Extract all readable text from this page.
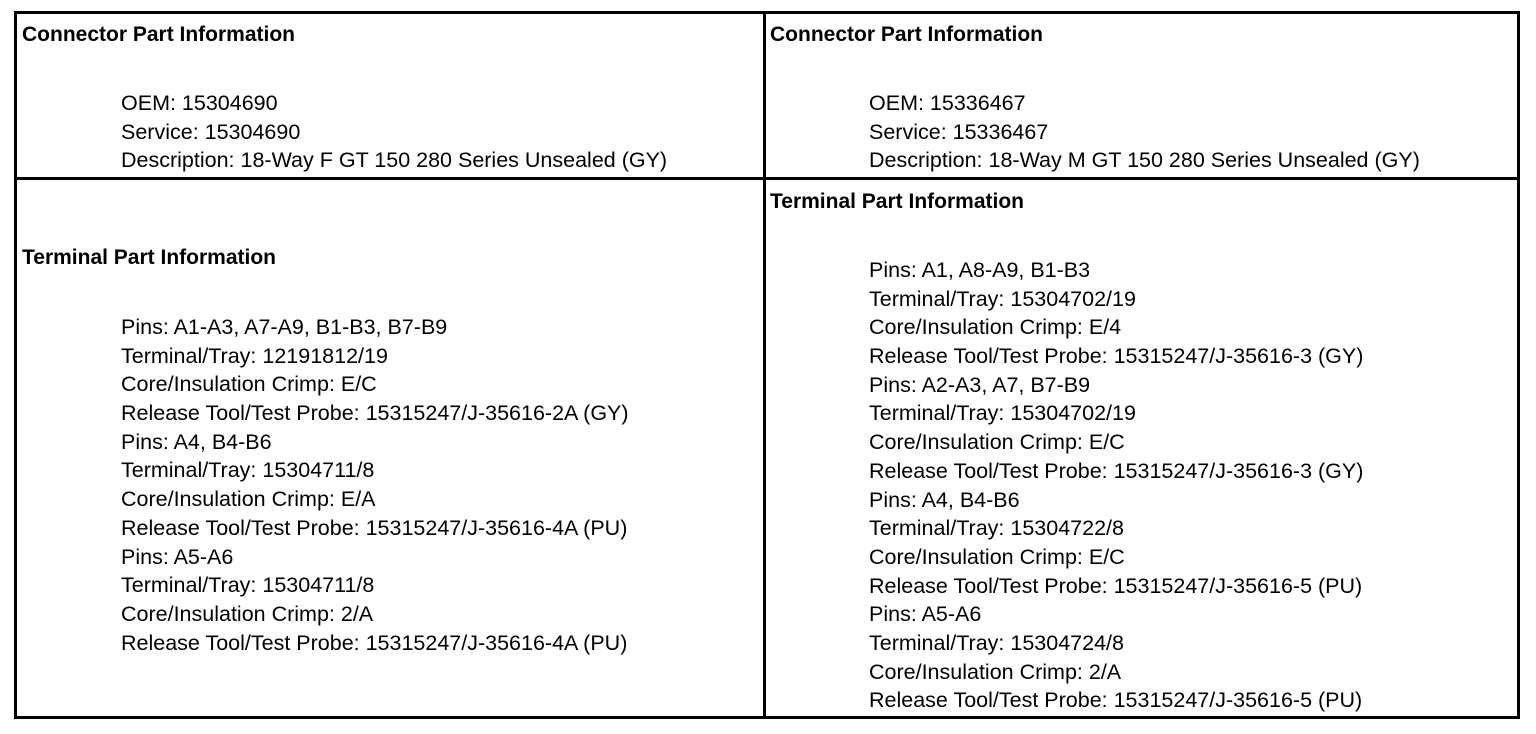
Connector Part Information
OEM: 15304690
Service: 15304690
Description: 18-Way F GT 150 280 Series Unsealed (GY)
Connector Part Information
OEM: 15336467
Service: 15336467
Description: 18-Way M GT 150 280 Series Unsealed (GY)
Terminal Part Information
Pins: A1-A3, A7-A9, B1-B3, B7-B9
Terminal/Tray: 12191812/19
Core/Insulation Crimp: E/C
Release Tool/Test Probe: 15315247/J-35616-2A (GY)
Pins: A4, B4-B6
Terminal/Tray: 15304711/8
Core/Insulation Crimp: E/A
Release Tool/Test Probe: 15315247/J-35616-4A (PU)
Pins: A5-A6
Terminal/Tray: 15304711/8
Core/Insulation Crimp: 2/A
Release Tool/Test Probe: 15315247/J-35616-4A (PU)
Terminal Part Information
Pins: A1, A8-A9, B1-B3
Terminal/Tray: 15304702/19
Core/Insulation Crimp: E/4
Release Tool/Test Probe: 15315247/J-35616-3 (GY)
Pins: A2-A3, A7, B7-B9
Terminal/Tray: 15304702/19
Core/Insulation Crimp: E/C
Release Tool/Test Probe: 15315247/J-35616-3 (GY)
Pins: A4, B4-B6
Terminal/Tray: 15304722/8
Core/Insulation Crimp: E/C
Release Tool/Test Probe: 15315247/J-35616-5 (PU)
Pins: A5-A6
Terminal/Tray: 15304724/8
Core/Insulation Crimp: 2/A
Release Tool/Test Probe: 15315247/J-35616-5 (PU)
